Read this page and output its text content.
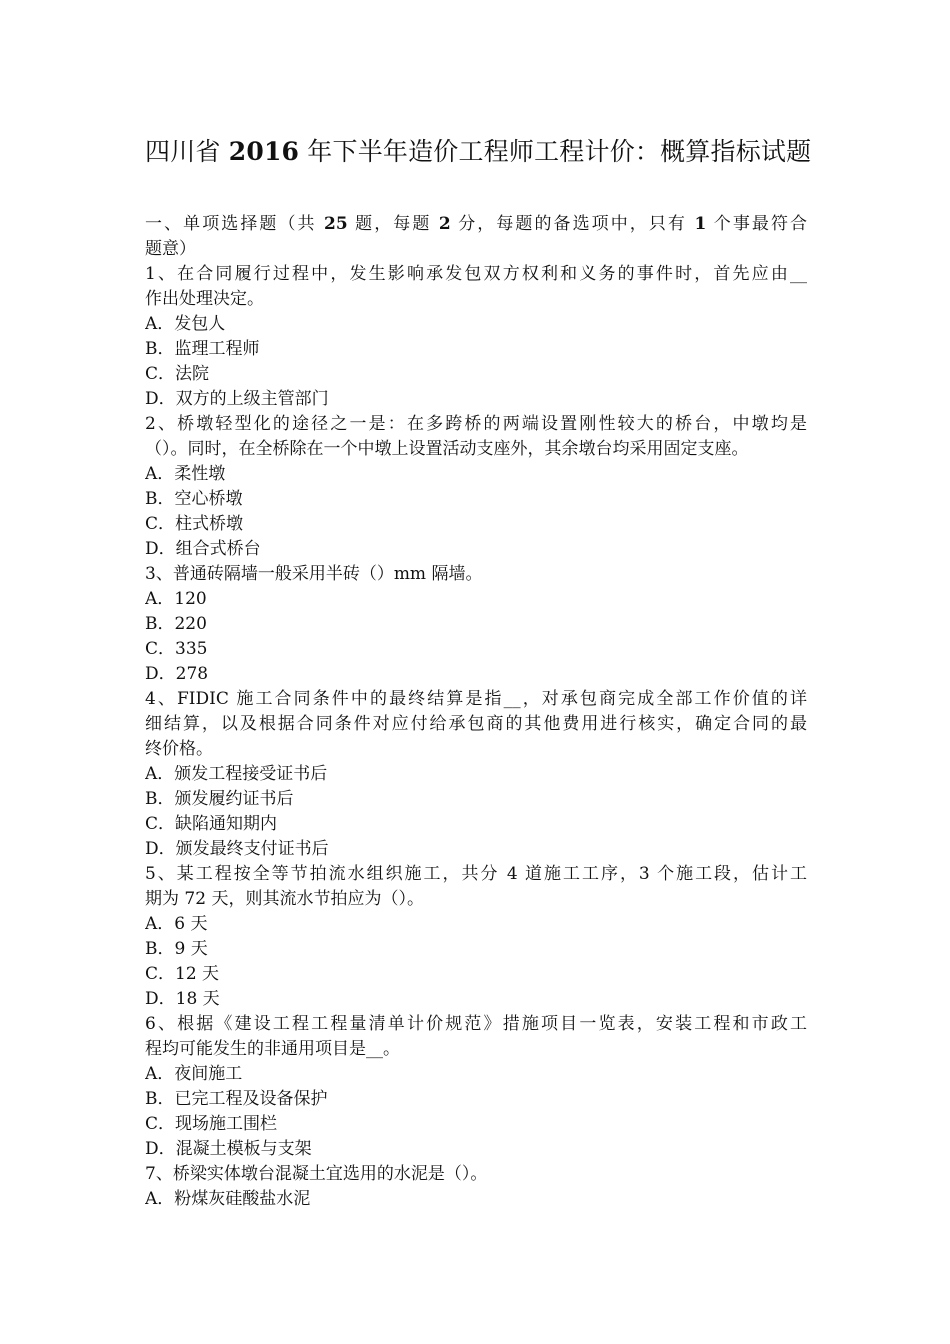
四川省 2016 年下半年造价工程师工程计价：概算指标试题
一、单项选择题（共 25 题，每题 2 分，每题的备选项中，只有 1 个事最符合
题意）
1、在合同履行过程中，发生影响承发包双方权利和义务的事件时，首先应由__
作出处理决定。
A．发包人
B．监理工程师
C．法院
D．双方的上级主管部门
2、桥墩轻型化的途径之一是：在多跨桥的两端设置刚性较大的桥台，中墩均是
（）。同时，在全桥除在一个中墩上设置活动支座外，其余墩台均采用固定支座。
A．柔性墩
B．空心桥墩
C．柱式桥墩
D．组合式桥台
3、普通砖隔墙一般采用半砖（）mm 隔墙。
A．120
B．220
C．335
D．278
4、FIDIC 施工合同条件中的最终结算是指__，对承包商完成全部工作价值的详
细结算，以及根据合同条件对应付给承包商的其他费用进行核实，确定合同的最
终价格。
A．颁发工程接受证书后
B．颁发履约证书后
C．缺陷通知期内
D．颁发最终支付证书后
5、某工程按全等节拍流水组织施工，共分 4 道施工工序，3 个施工段，估计工
期为 72 天，则其流水节拍应为（）。
A．6 天
B．9 天
C．12 天
D．18 天
6、根据《建设工程工程量清单计价规范》措施项目一览表，安装工程和市政工
程均可能发生的非通用项目是__。
A．夜间施工
B．已完工程及设备保护
C．现场施工围栏
D．混凝土模板与支架
7、桥梁实体墩台混凝土宜选用的水泥是（）。
A．粉煤灰硅酸盐水泥
